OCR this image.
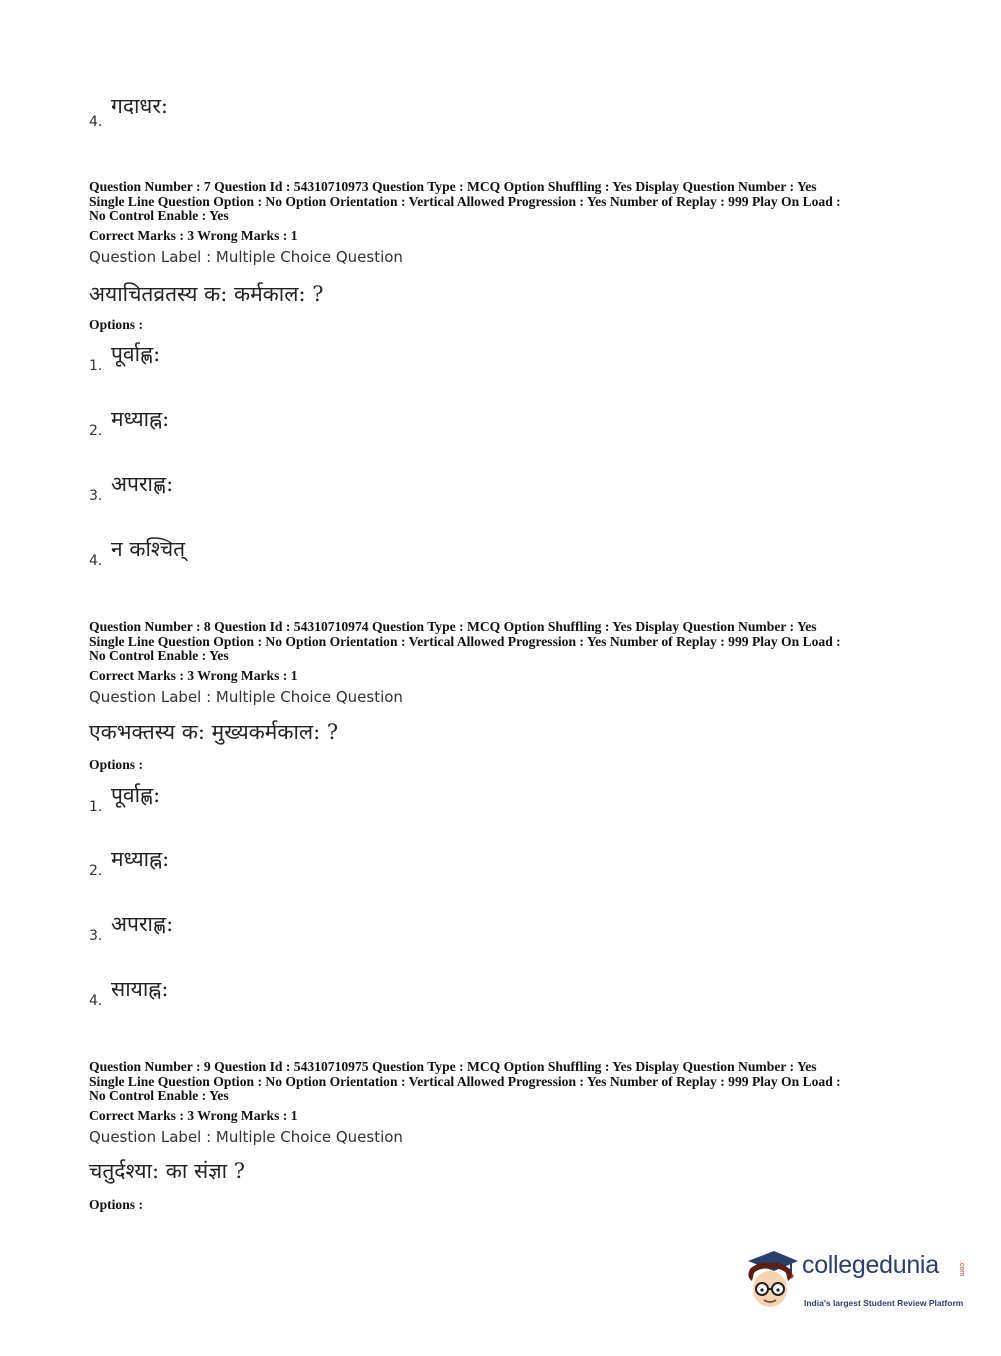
4.
गदाधर:
Question Number : 7 Question Id : 54310710973 Question Type : MCQ Option Shuffling : Yes Display Question Number : Yes
Single Line Question Option : No Option Orientation : Vertical Allowed Progression : Yes Number of Replay : 999 Play On Load :
No Control Enable : Yes
Correct Marks : 3 Wrong Marks : 1
Question Label : Multiple Choice Question
अयाचितव्रतस्य क: कर्मकाल: ?
Options :
1. पूर्वाह्ण:
2. मध्याह्न:
3. अपराह्ण:
4. न कश्चित्
Question Number : 8 Question Id : 54310710974 Question Type : MCQ Option Shuffling : Yes Display Question Number : Yes
Single Line Question Option : No Option Orientation : Vertical Allowed Progression : Yes Number of Replay : 999 Play On Load :
No Control Enable : Yes
Correct Marks : 3 Wrong Marks : 1
Question Label : Multiple Choice Question
एकभक्तस्य क: मुख्यकर्मकाल: ?
Options :
1. पूर्वाह्ण:
2. मध्याह्न:
3. अपराह्ण:
4. सायाह्न:
Question Number : 9 Question Id : 54310710975 Question Type : MCQ Option Shuffling : Yes Display Question Number : Yes
Single Line Question Option : No Option Orientation : Vertical Allowed Progression : Yes Number of Replay : 999 Play On Load :
No Control Enable : Yes
Correct Marks : 3 Wrong Marks : 1
Question Label : Multiple Choice Question
चतुर्दश्या: का संज्ञा ?
Options :
collegedunia	.com
India's largest Student Review Platform
